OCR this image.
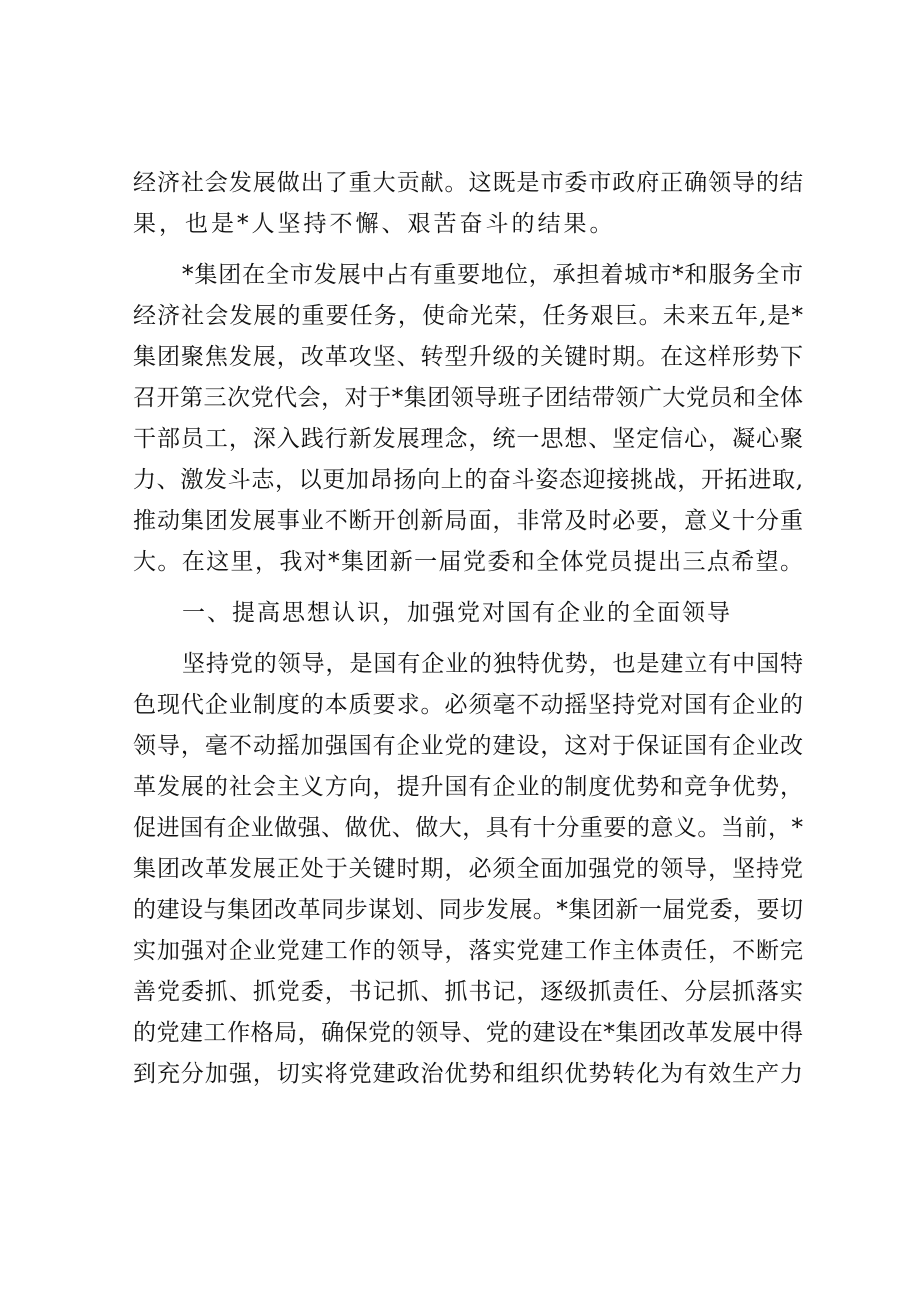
经济社会发展做出了重大贡献。这既是市委市政府正确领导的结
果，也是*人坚持不懈、艰苦奋斗的结果。
*集团在全市发展中占有重要地位，承担着城市*和服务全市
经济社会发展的重要任务，使命光荣，任务艰巨。未来五年,是*
集团聚焦发展，改革攻坚、转型升级的关键时期。在这样形势下
召开第三次党代会，对于*集团领导班子团结带领广大党员和全体
干部员工，深入践行新发展理念，统一思想、坚定信心，凝心聚
力、激发斗志，以更加昂扬向上的奋斗姿态迎接挑战，开拓进取,
推动集团发展事业不断开创新局面，非常及时必要，意义十分重
大。在这里，我对*集团新一届党委和全体党员提出三点希望。
一、提高思想认识，加强党对国有企业的全面领导
坚持党的领导，是国有企业的独特优势，也是建立有中国特
色现代企业制度的本质要求。必须毫不动摇坚持党对国有企业的
领导，毫不动摇加强国有企业党的建设，这对于保证国有企业改
革发展的社会主义方向，提升国有企业的制度优势和竞争优势，
促进国有企业做强、做优、做大，具有十分重要的意义。当前，*
集团改革发展正处于关键时期，必须全面加强党的领导，坚持党
的建设与集团改革同步谋划、同步发展。*集团新一届党委，要切
实加强对企业党建工作的领导，落实党建工作主体责任，不断完
善党委抓、抓党委，书记抓、抓书记，逐级抓责任、分层抓落实
的党建工作格局，确保党的领导、党的建设在*集团改革发展中得
到充分加强，切实将党建政治优势和组织优势转化为有效生产力
